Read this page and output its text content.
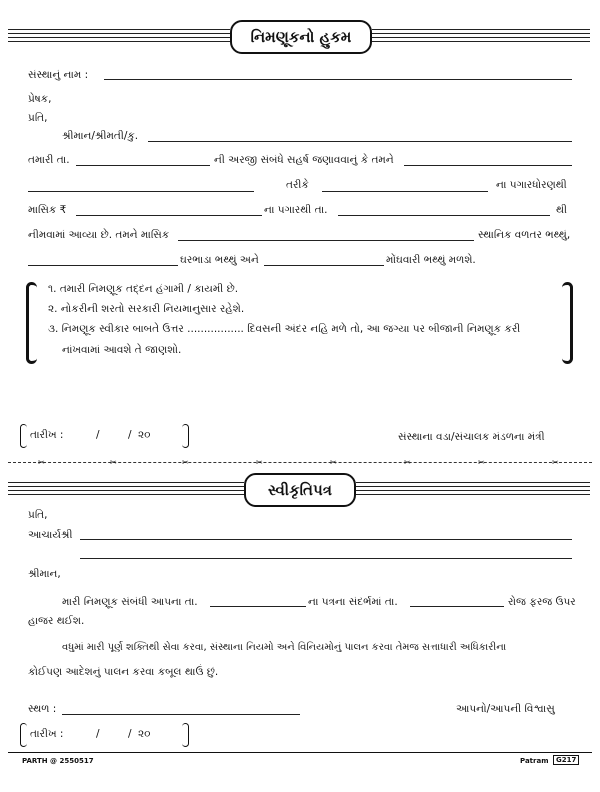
નિમણૂકનો હુકમ
સંસ્થાનું નામ :
પ્રેષક,
પ્રતિ,
શ્રીમાન/શ્રીમતી/કુ.
તમારી તા.	ની અરજી સંબંધે સહર્ષ જણાવવાનું કે તમને
તરીકે	ના પગારધોરણથી
માસિક ₹	ના પગારથી તા.	થી
નીમવામાં આવ્યા છે. તમને માસિક	સ્થાનિક વળતર ભથ્થું,
ઘરભાડા ભથ્થું અને	મોંઘવારી ભથ્થું મળશે.
૧. તમારી નિમણૂક તદ્દન હંગામી / કાયમી છે.
૨. નોકરીની શરતો સરકારી નિયમાનુસાર રહેશે.
૩. નિમણૂક સ્વીકાર બાબતે ઉત્તર ................. દિવસની અંદર નહિ મળે તો, આ જગ્યા પર બીજાની નિમણૂક કરી
નાંખવામાં આવશે તે જાણશો.
તારીખ :	/	/ ૨૦	સંસ્થાના વડા/સંચાલક મંડળના મંત્રી
✂	✂	✂	✂	✂	✂	✂	✂
સ્વીકૃતિપત્ર
પ્રતિ,
આચાર્યશ્રી
શ્રીમાન,
મારી નિમણૂક સંબંધી આપના તા.	ના પત્રના સંદર્ભમાં તા.	રોજ ફરજ ઉપર
હાજર થઈશ.
વધુમાં મારી પૂર્ણ શક્તિથી સેવા કરવા, સંસ્થાના નિયમો અને વિનિયમોનું પાલન કરવા તેમજ સત્તાધારી અધિકારીના
કોઈપણ આદેશનું પાલન કરવા કબૂલ થાઉં છું.
સ્થળ :	આપનો/આપની વિશ્વાસુ
તારીખ :	/	/ ૨૦
PARTH @ 2550517	Patram	G217
